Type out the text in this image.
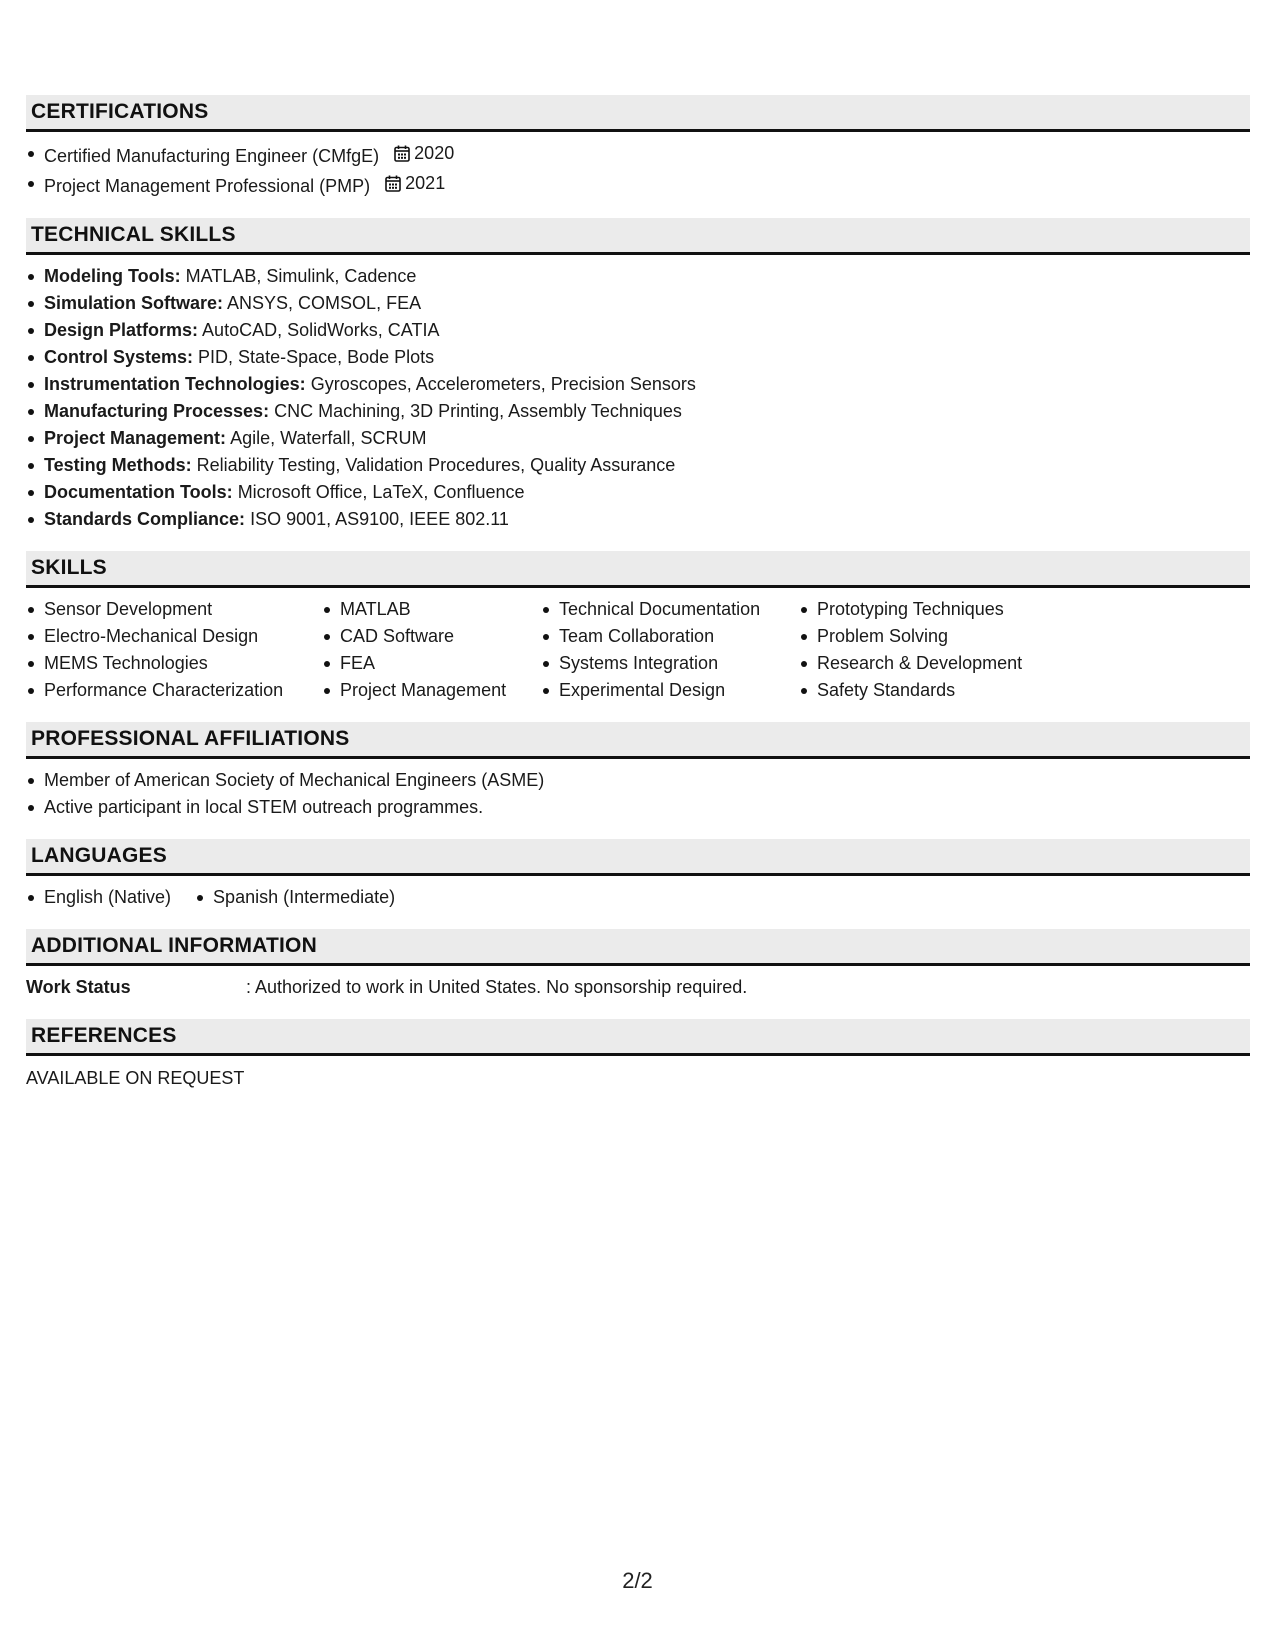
CERTIFICATIONS
Certified Manufacturing Engineer (CMfgE) 2020
Project Management Professional (PMP) 2021
TECHNICAL SKILLS
Modeling Tools: MATLAB, Simulink, Cadence
Simulation Software: ANSYS, COMSOL, FEA
Design Platforms: AutoCAD, SolidWorks, CATIA
Control Systems: PID, State-Space, Bode Plots
Instrumentation Technologies: Gyroscopes, Accelerometers, Precision Sensors
Manufacturing Processes: CNC Machining, 3D Printing, Assembly Techniques
Project Management: Agile, Waterfall, SCRUM
Testing Methods: Reliability Testing, Validation Procedures, Quality Assurance
Documentation Tools: Microsoft Office, LaTeX, Confluence
Standards Compliance: ISO 9001, AS9100, IEEE 802.11
SKILLS
Sensor Development
Electro-Mechanical Design
MEMS Technologies
Performance Characterization
MATLAB
CAD Software
FEA
Project Management
Technical Documentation
Team Collaboration
Systems Integration
Experimental Design
Prototyping Techniques
Problem Solving
Research & Development
Safety Standards
PROFESSIONAL AFFILIATIONS
Member of American Society of Mechanical Engineers (ASME)
Active participant in local STEM outreach programmes.
LANGUAGES
English (Native)	Spanish (Intermediate)
ADDITIONAL INFORMATION
Work Status	: Authorized to work in United States. No sponsorship required.
REFERENCES
AVAILABLE ON REQUEST
2/2
